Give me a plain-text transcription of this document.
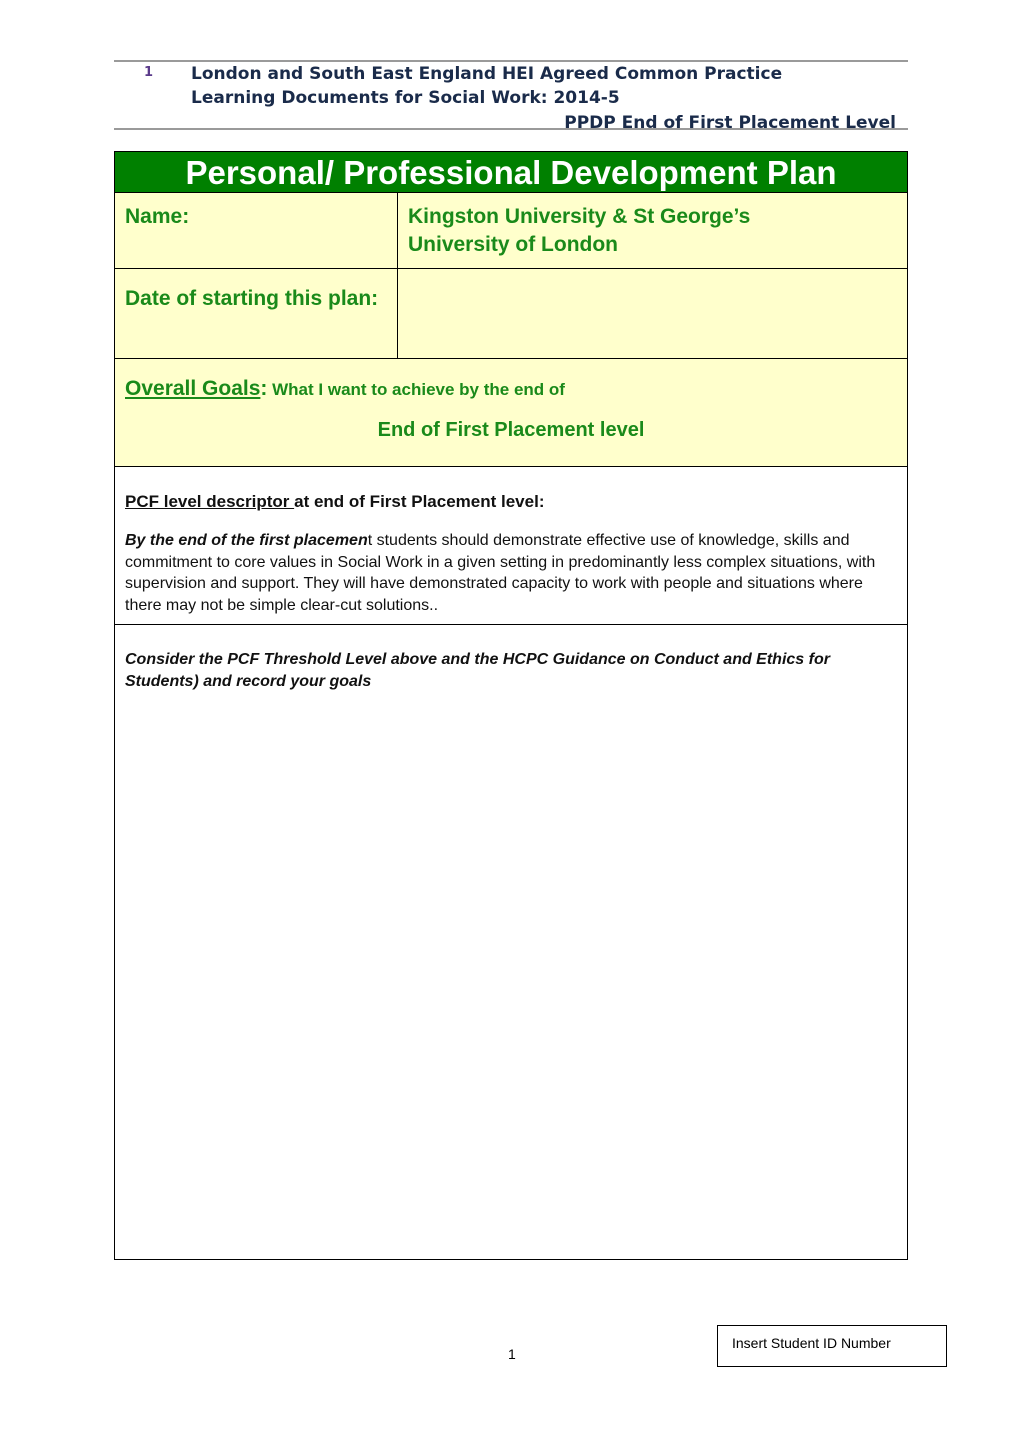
1 London and South East England HEI Agreed Common Practice
Learning Documents for Social Work: 2014-5
PPDP End of First Placement Level
Personal/ Professional Development Plan
Name:	Kingston University & St George’s
University of London
Date of starting this plan:
Overall Goals: What I want to achieve by the end of
End of First Placement level
PCF level descriptor at end of First Placement level:
By the end of the first placement students should demonstrate effective use of knowledge, skills and commitment to core values in Social Work in a given setting in predominantly less complex situations, with supervision and support. They will have demonstrated capacity to work with people and situations where there may not be simple clear-cut solutions..
Consider the PCF Threshold Level above and the HCPC Guidance on Conduct and Ethics for Students) and record your goals
1
Insert Student ID Number
